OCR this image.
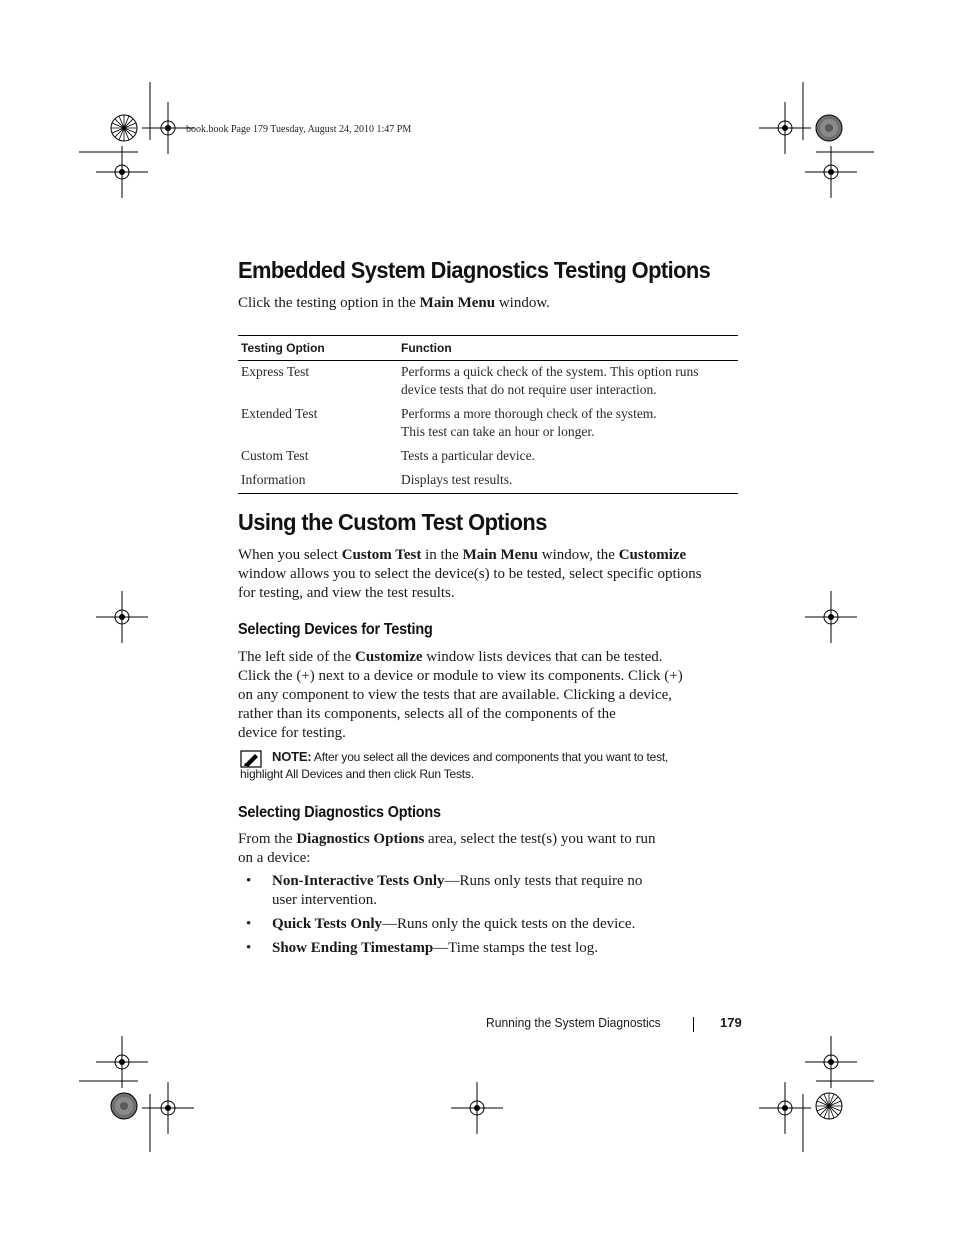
book.book Page 179 Tuesday, August 24, 2010 1:47 PM
Embedded System Diagnostics Testing Options

Click the testing option in the Main Menu window.

Testing Option	Function
Express Test	Performs a quick check of the system. This option runs
device tests that do not require user interaction.

Extended Test	Performs a more thorough check of the system.
This test can take an hour or longer.

Custom Test	Tests a particular device.

Information	Displays test results.
Using the Custom Test Options

When you select Custom Test in the Main Menu window, the Customize
window allows you to select the device(s) to be tested, select specific options
for testing, and view the test results.

Selecting Devices for Testing

The left side of the Customize window lists devices that can be tested.
Click the (+) next to a device or module to view its components. Click (+)
on any component to view the tests that are available. Clicking a device,
rather than its components, selects all of the components of the
device for testing.

NOTE: After you select all the devices and components that you want to test,
highlight All Devices and then click Run Tests.
Selecting Diagnostics Options

From the Diagnostics Options area, select the test(s) you want to run
on a device:

• Non-Interactive Tests Only—Runs only tests that require no
user intervention.
• Quick Tests Only—Runs only the quick tests on the device.
• Show Ending Timestamp—Time stamps the test log.
Running the System Diagnostics	179
